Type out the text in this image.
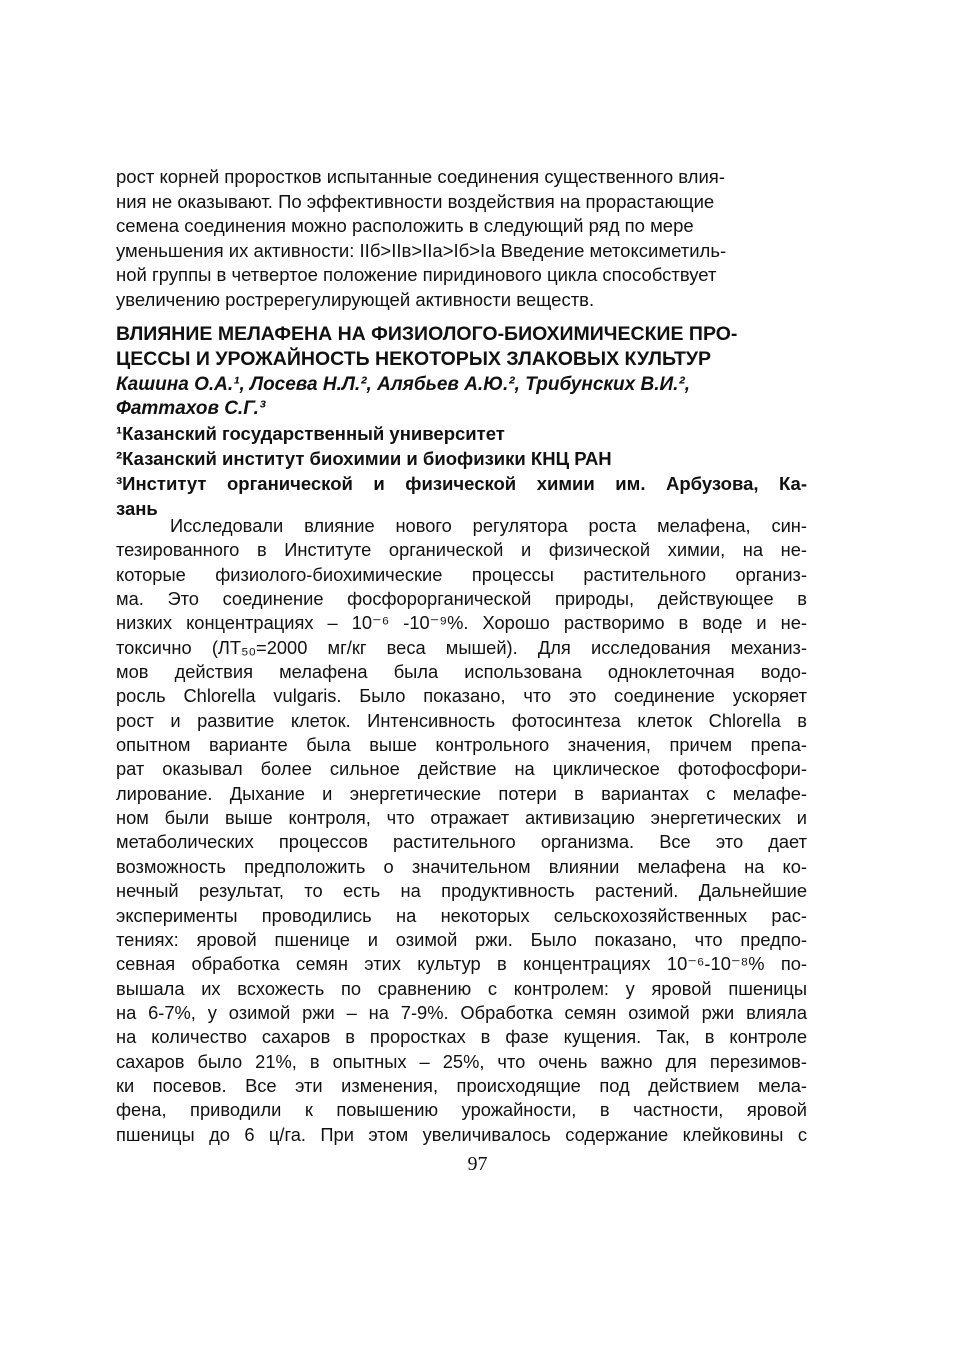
рост корней проростков испытанные соединения существенного влия-
ния не оказывают. По эффективности воздействия на прорастающие
семена соединения можно расположить в следующий ряд по мере
уменьшения их активности: IIб>IIв>IIа>Iб>Iа Введение метоксиметиль-
ной группы в четвертое положение пиридинового цикла способствует
увеличению ростререгулирующей активности веществ.
ВЛИЯНИЕ МЕЛАФЕНА НА ФИЗИОЛОГО-БИОХИМИЧЕСКИЕ ПРО-
ЦЕССЫ И УРОЖАЙНОСТЬ НЕКОТОРЫХ ЗЛАКОВЫХ КУЛЬТУР
Кашина О.А.¹, Лосева Н.Л.², Алябьев А.Ю.², Трибунских В.И.²,
Фаттахов С.Г.³
¹Казанский государственный университет
²Казанский институт биохимии и биофизики КНЦ РАН
³Институт органической и физической химии им. Арбузова, Ка-
зань
Исследовали влияние нового регулятора роста мелафена, син-
тезированного в Институте органической и физической химии, на не-
которые физиолого-биохимические процессы растительного организ-
ма. Это соединение фосфорорганической природы, действующее в
низких концентрациях – 10⁻⁶ -10⁻⁹%. Хорошо растворимо в воде и не-
токсично (ЛТ₅₀=2000 мг/кг веса мышей). Для исследования механиз-
мов действия мелафена была использована одноклеточная водо-
росль Chlorella vulgaris. Было показано, что это соединение ускоряет
рост и развитие клеток. Интенсивность фотосинтеза клеток Chlorella в
опытном варианте была выше контрольного значения, причем препа-
рат оказывал более сильное действие на циклическое фотофосфори-
лирование. Дыхание и энергетические потери в вариантах с мелафе-
ном были выше контроля, что отражает активизацию энергетических и
метаболических процессов растительного организма. Все это дает
возможность предположить о значительном влиянии мелафена на ко-
нечный результат, то есть на продуктивность растений. Дальнейшие
эксперименты проводились на некоторых сельскохозяйственных рас-
тениях: яровой пшенице и озимой ржи. Было показано, что предпо-
севная обработка семян этих культур в концентрациях 10⁻⁶-10⁻⁸% по-
вышала их всхожесть по сравнению с контролем: у яровой пшеницы
на 6-7%, у озимой ржи – на 7-9%. Обработка семян озимой ржи влияла
на количество сахаров в проростках в фазе кущения. Так, в контроле
сахаров было 21%, в опытных – 25%, что очень важно для перезимов-
ки посевов. Все эти изменения, происходящие под действием мела-
фена, приводили к повышению урожайности, в частности, яровой
пшеницы до 6 ц/га. При этом увеличивалось содержание клейковины с
97
